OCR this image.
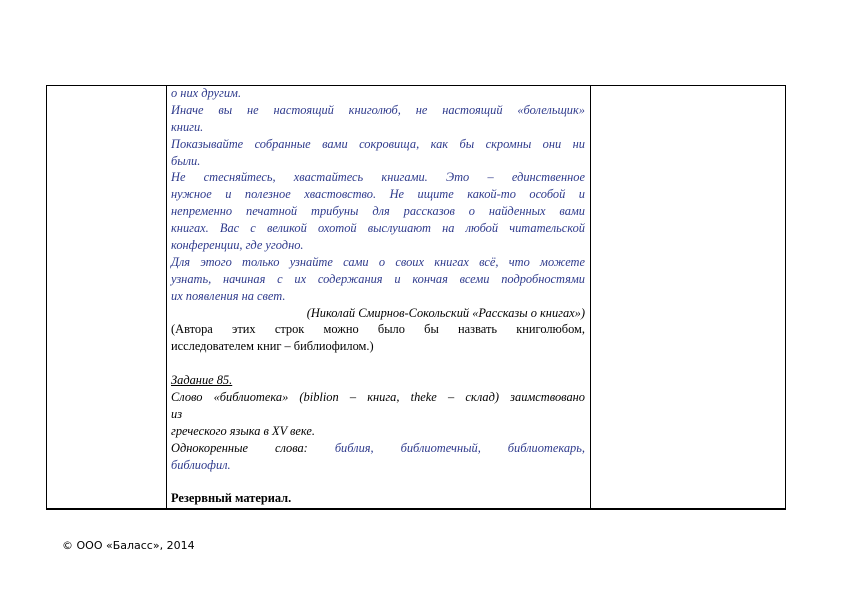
о них другим.
Иначе вы не настоящий книголюб, не настоящий «болельщик»
книги.
Показывайте собранные вами сокровища, как бы скромны они ни
были.
Не стесняйтесь, хвастайтесь книгами. Это – единственное
нужное и полезное хвастовство. Не ищите какой-то особой и
непременно печатной трибуны для рассказов о найденных вами
книгах. Вас с великой охотой выслушают на любой читательской
конференции, где угодно.
Для этого только узнайте сами о своих книгах всё, что можете
узнать, начиная с их содержания и кончая всеми подробностями
их появления на свет.
(Николай Смирнов-Сокольский «Рассказы о книгах»)
(Автора этих строк можно было бы назвать книголюбом,
исследователем книг – библиофилом.)
Задание 85.
Слово «библиотека» (biblion – книга, theke – склад) заимствовано
из
греческого языка в XV веке.
Однокоренные слова: библия, библиотечный, библиотекарь,
библиофил.
Резервный материал.
© ООО «Баласс», 2014
